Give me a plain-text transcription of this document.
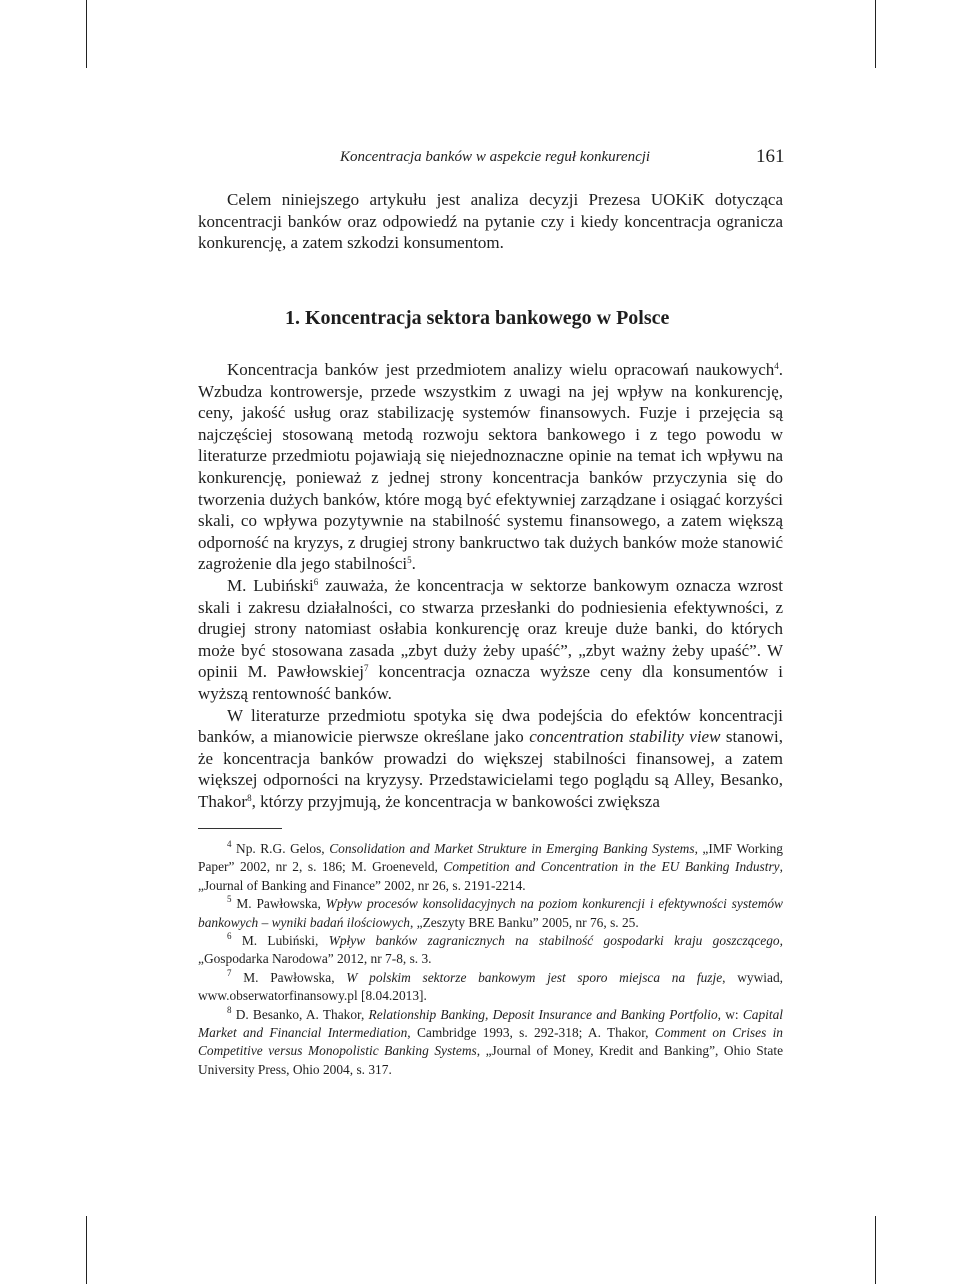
Koncentracja banków w aspekcie reguł konkurencji	161

Celem niniejszego artykułu jest analiza decyzji Prezesa UOKiK dotycząca koncentracji banków oraz odpowiedź na pytanie czy i kiedy koncentracja ogranicza konkurencję, a zatem szkodzi konsumentom.

1. Koncentracja sektora bankowego w Polsce

Koncentracja banków jest przedmiotem analizy wielu opracowań naukowych$^4$. Wzbudza kontrowersje, przede wszystkim z uwagi na jej wpływ na konkurencję, ceny, jakość usług oraz stabilizację systemów finansowych. Fuzje i przejęcia są najczęściej stosowaną metodą rozwoju sektora bankowego i z tego powodu w literaturze przedmiotu pojawiają się niejednoznaczne opinie na temat ich wpływu na konkurencję, ponieważ z jednej strony koncentracja banków przyczynia się do tworzenia dużych banków, które mogą być efektywniej zarządzane i osiągać korzyści skali, co wpływa pozytywnie na stabilność systemu finansowego, a zatem większą odporność na kryzys, z drugiej strony bankructwo tak dużych banków może stanowić zagrożenie dla jego stabilności$^5$.

M. Lubiński$^6$ zauważa, że koncentracja w sektorze bankowym oznacza wzrost skali i zakresu działalności, co stwarza przesłanki do podniesienia efektywności, z drugiej strony natomiast osłabia konkurencję oraz kreuje duże banki, do których może być stosowana zasada „zbyt duży żeby upaść”, „zbyt ważny żeby upaść”. W opinii M. Pawłowskiej$^7$ koncentracja oznacza wyższe ceny dla konsumentów i wyższą rentowność banków.

W literaturze przedmiotu spotyka się dwa podejścia do efektów koncentracji banków, a mianowicie pierwsze określane jako concentration stability view stanowi, że koncentracja banków prowadzi do większej stabilności finansowej, a zatem większej odporności na kryzysy. Przedstawicielami tego poglądu są Alley, Besanko, Thakor$^8$, którzy przyjmują, że koncentracja w bankowości zwiększa

$^4$ Np. R.G. Gelos, Consolidation and Market Strukture in Emerging Banking Systems, „IMF Working Paper” 2002, nr 2, s. 186; M. Groeneveld, Competition and Concentration in the EU Banking Industry, „Journal of Banking and Finance” 2002, nr 26, s. 2191-2214.

$^5$ M. Pawłowska, Wpływ procesów konsolidacyjnych na poziom konkurencji i efektywności systemów bankowych – wyniki badań ilościowych, „Zeszyty BRE Banku” 2005, nr 76, s. 25.

$^6$ M. Lubiński, Wpływ banków zagranicznych na stabilność gospodarki kraju goszczącego, „Gospodarka Narodowa” 2012, nr 7-8, s. 3.

$^7$ M. Pawłowska, W polskim sektorze bankowym jest sporo miejsca na fuzje, wywiad, www.obserwatorfinansowy.pl [8.04.2013].

$^8$ D. Besanko, A. Thakor, Relationship Banking, Deposit Insurance and Banking Portfolio, w: Capital Market and Financial Intermediation, Cambridge 1993, s. 292-318; A. Thakor, Comment on Crises in Competitive versus Monopolistic Banking Systems, „Journal of Money, Kredit and Banking”, Ohio State University Press, Ohio 2004, s. 317.
